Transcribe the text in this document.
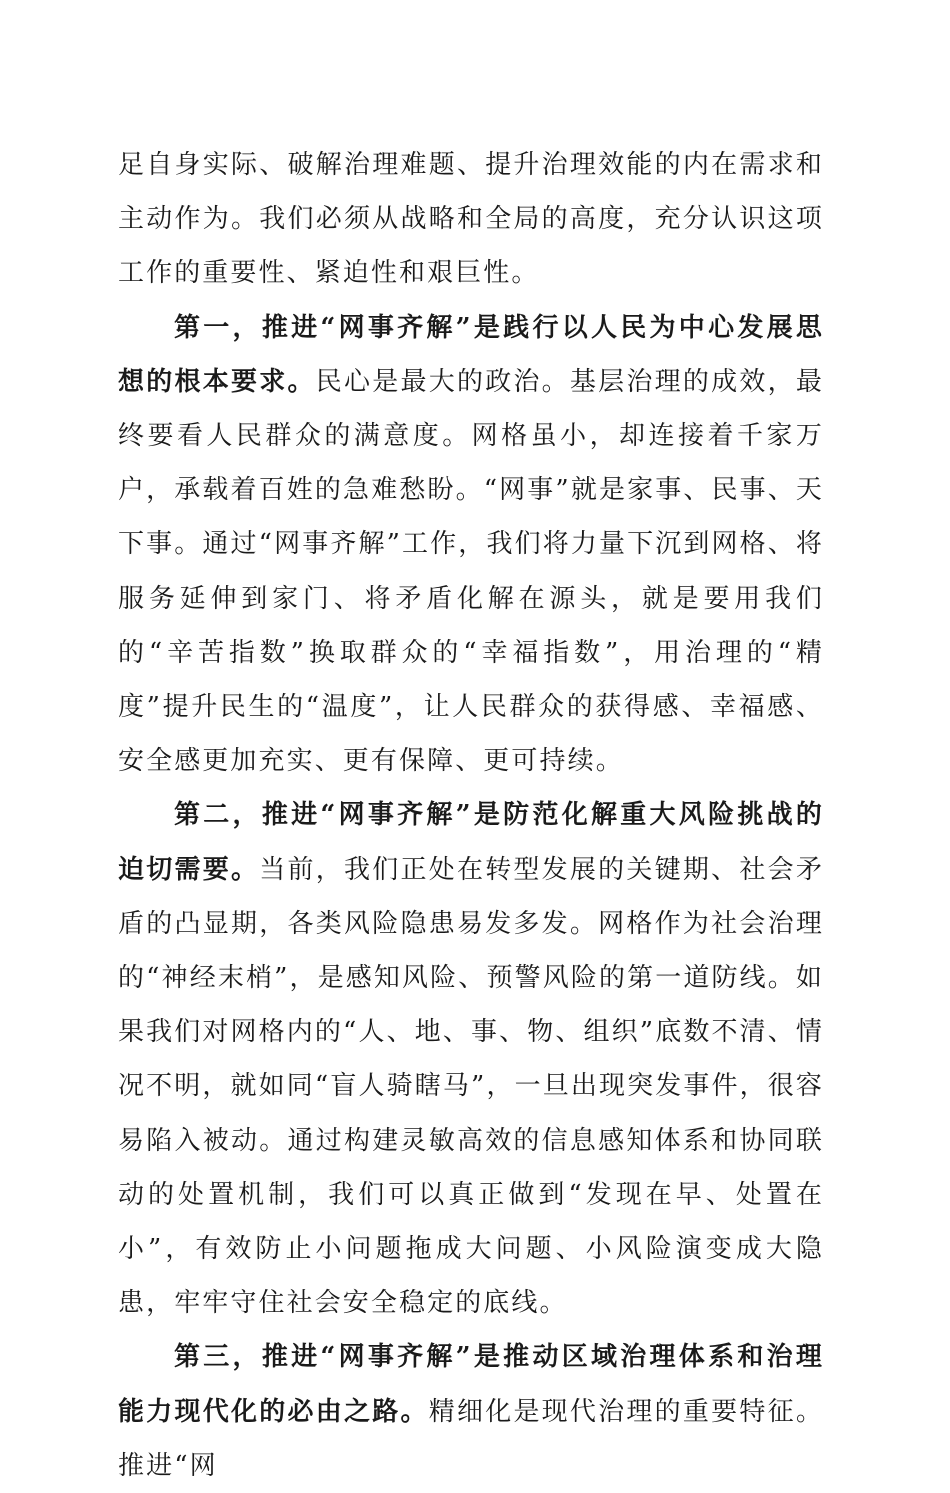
足自身实际、破解治理难题、提升治理效能的内在需求和主动作为。我们必须从战略和全局的高度，充分认识这项工作的重要性、紧迫性和艰巨性。

第一，推进“网事齐解”是践行以人民为中心发展思想的根本要求。民心是最大的政治。基层治理的成效，最终要看人民群众的满意度。网格虽小，却连接着千家万户，承载着百姓的急难愁盼。“网事”就是家事、民事、天下事。通过“网事齐解”工作，我们将力量下沉到网格、将服务延伸到家门、将矛盾化解在源头，就是要用我们的“辛苦指数”换取群众的“幸福指数”，用治理的“精度”提升民生的“温度”，让人民群众的获得感、幸福感、安全感更加充实、更有保障、更可持续。

第二，推进“网事齐解”是防范化解重大风险挑战的迫切需要。当前，我们正处在转型发展的关键期、社会矛盾的凸显期，各类风险隐患易发多发。网格作为社会治理的“神经末梢”，是感知风险、预警风险的第一道防线。如果我们对网格内的“人、地、事、物、组织”底数不清、情况不明，就如同“盲人骑瞎马”，一旦出现突发事件，很容易陷入被动。通过构建灵敏高效的信息感知体系和协同联动的处置机制，我们可以真正做到“发现在早、处置在小”，有效防止小问题拖成大问题、小风险演变成大隐患，牢牢守住社会安全稳定的底线。

第三，推进“网事齐解”是推动区域治理体系和治理能力现代化的必由之路。精细化是现代治理的重要特征。推进“网
